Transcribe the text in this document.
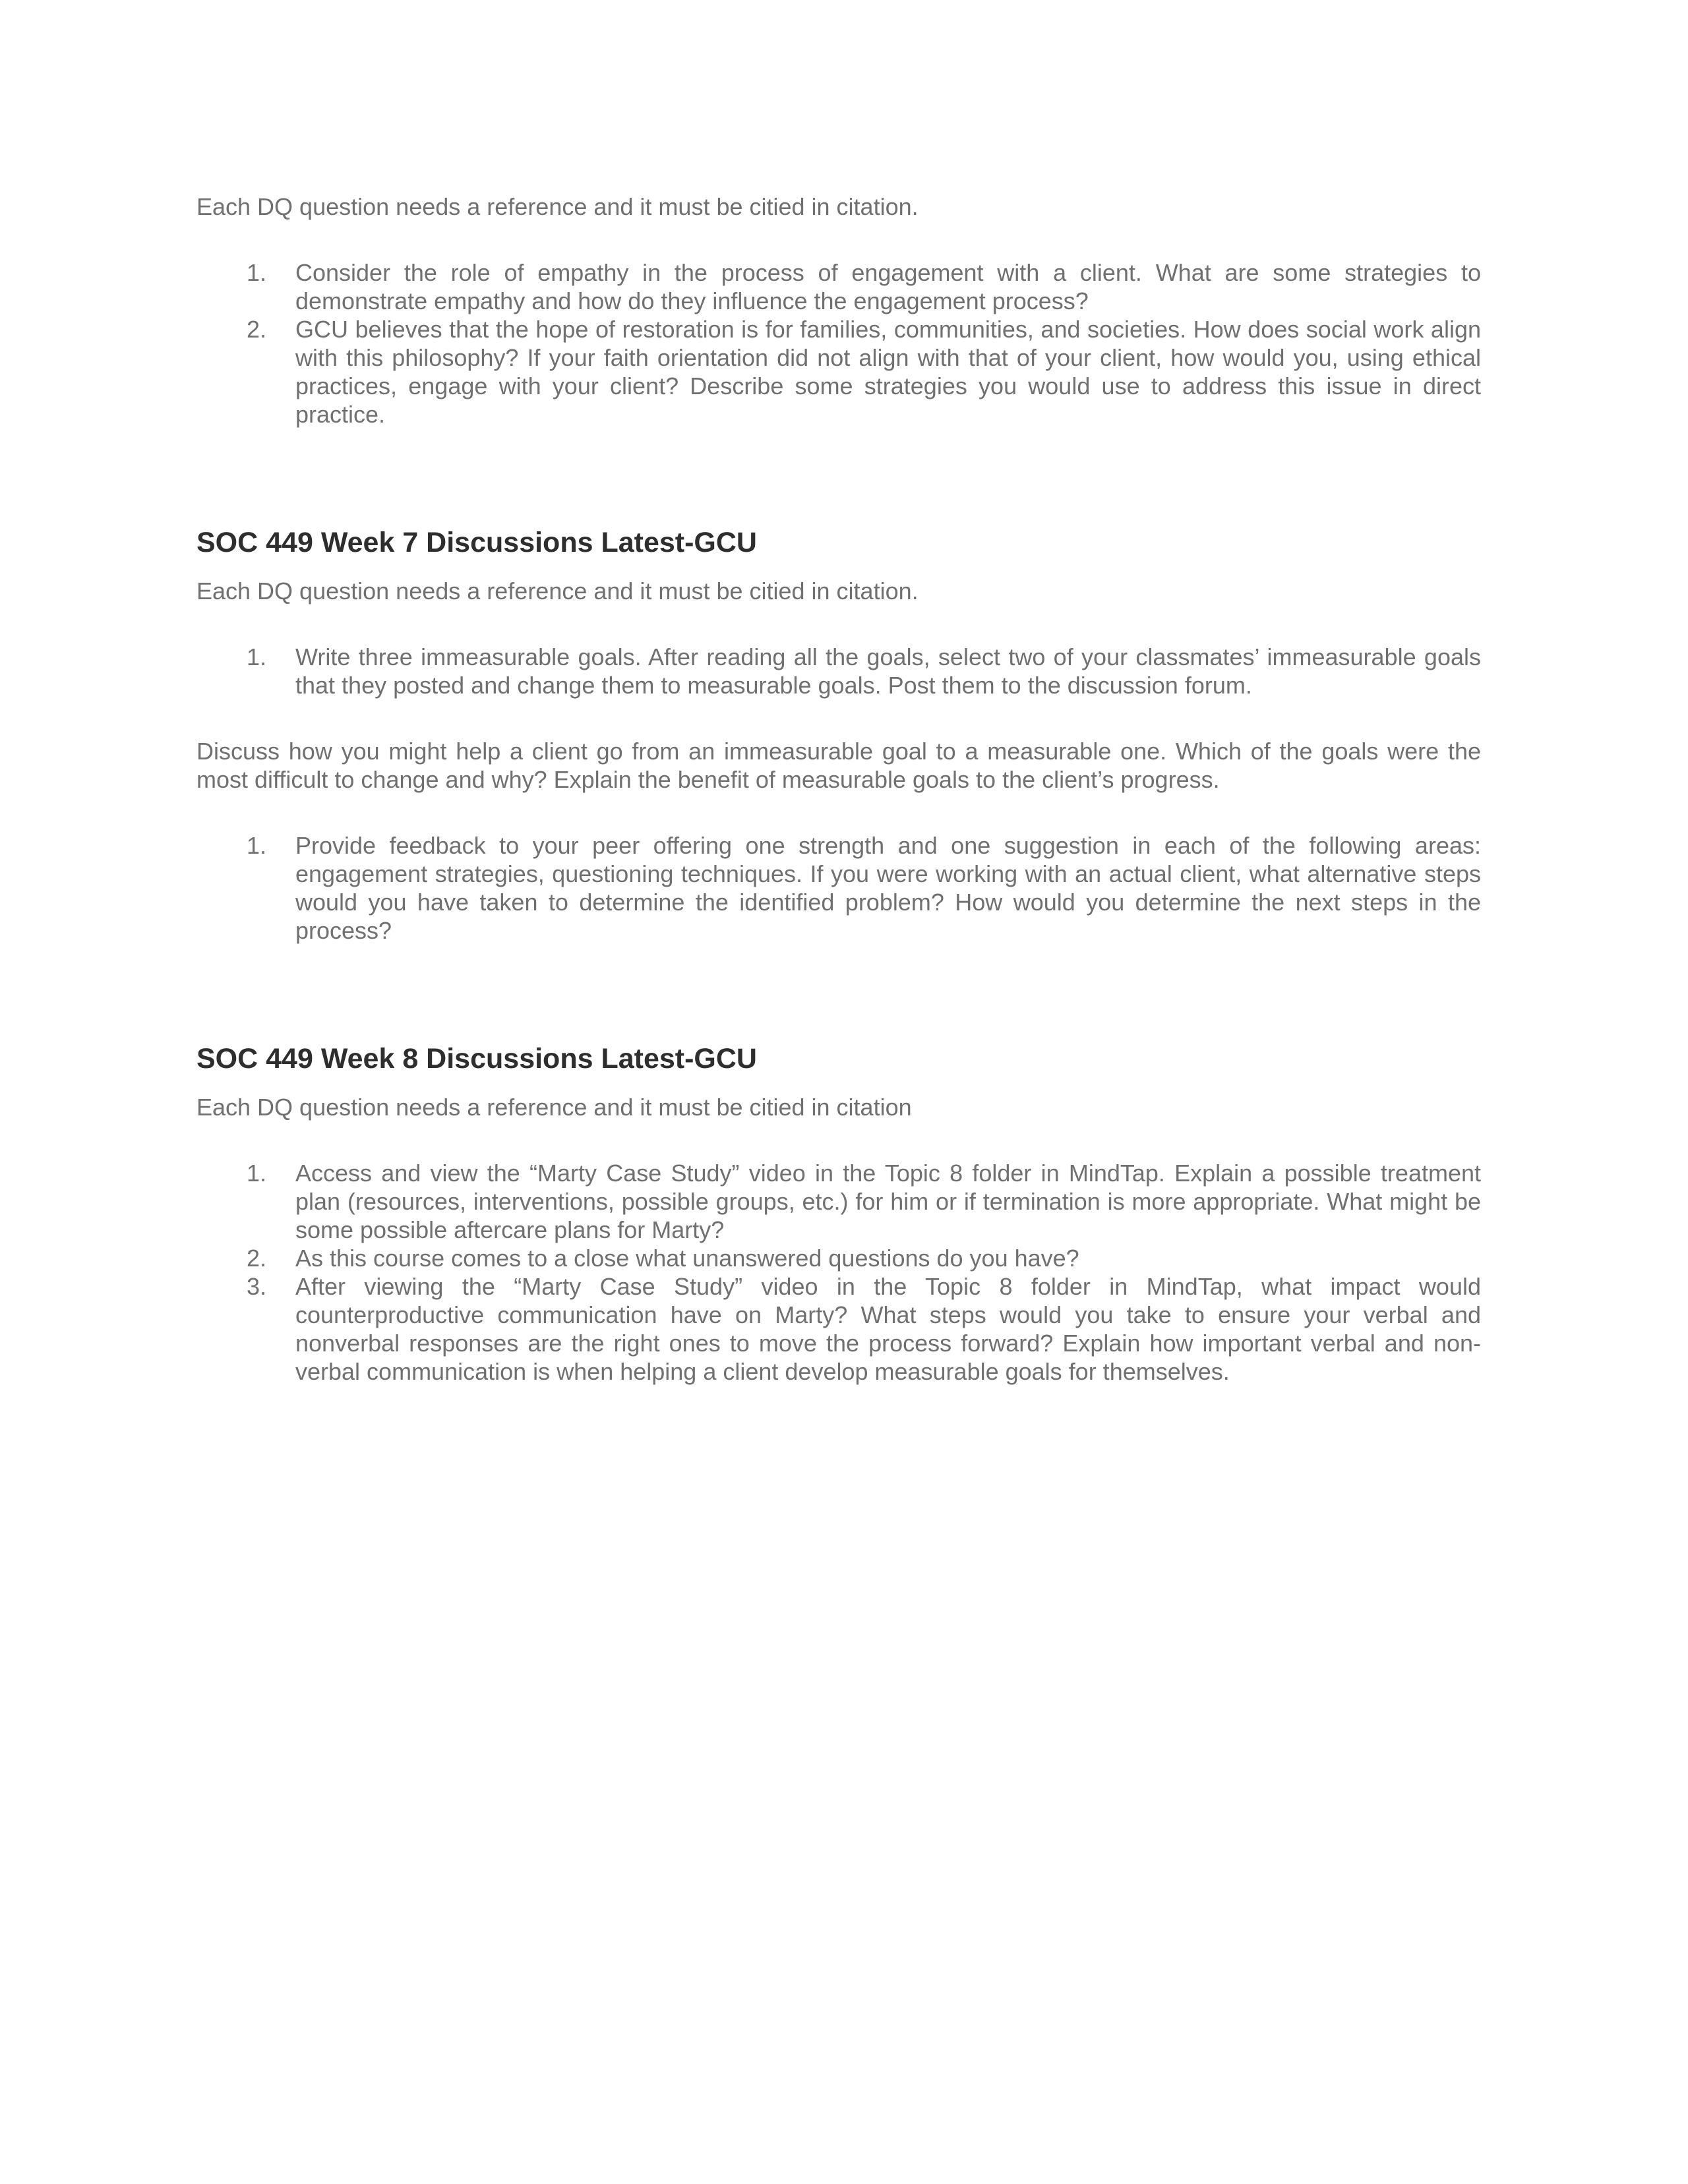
Each DQ question needs a reference and it must be citied in citation.

1. Consider the role of empathy in the process of engagement with a client. What are some strategies to demonstrate empathy and how do they influence the engagement process?
2. GCU believes that the hope of restoration is for families, communities, and societies. How does social work align with this philosophy? If your faith orientation did not align with that of your client, how would you, using ethical practices, engage with your client? Describe some strategies you would use to address this issue in direct practice.
SOC 449 Week 7 Discussions Latest-GCU

Each DQ question needs a reference and it must be citied in citation.

1. Write three immeasurable goals. After reading all the goals, select two of your classmates’ immeasurable goals that they posted and change them to measurable goals. Post them to the discussion forum.

Discuss how you might help a client go from an immeasurable goal to a measurable one. Which of the goals were the most difficult to change and why? Explain the benefit of measurable goals to the client’s progress.

1. Provide feedback to your peer offering one strength and one suggestion in each of the following areas: engagement strategies, questioning techniques. If you were working with an actual client, what alternative steps would you have taken to determine the identified problem? How would you determine the next steps in the process?
SOC 449 Week 8 Discussions Latest-GCU

Each DQ question needs a reference and it must be citied in citation

1. Access and view the “Marty Case Study” video in the Topic 8 folder in MindTap. Explain a possible treatment plan (resources, interventions, possible groups, etc.) for him or if termination is more appropriate. What might be some possible aftercare plans for Marty?
2. As this course comes to a close what unanswered questions do you have?
3. After viewing the “Marty Case Study” video in the Topic 8 folder in MindTap, what impact would counterproductive communication have on Marty? What steps would you take to ensure your verbal and nonverbal responses are the right ones to move the process forward? Explain how important verbal and non-verbal communication is when helping a client develop measurable goals for themselves.
